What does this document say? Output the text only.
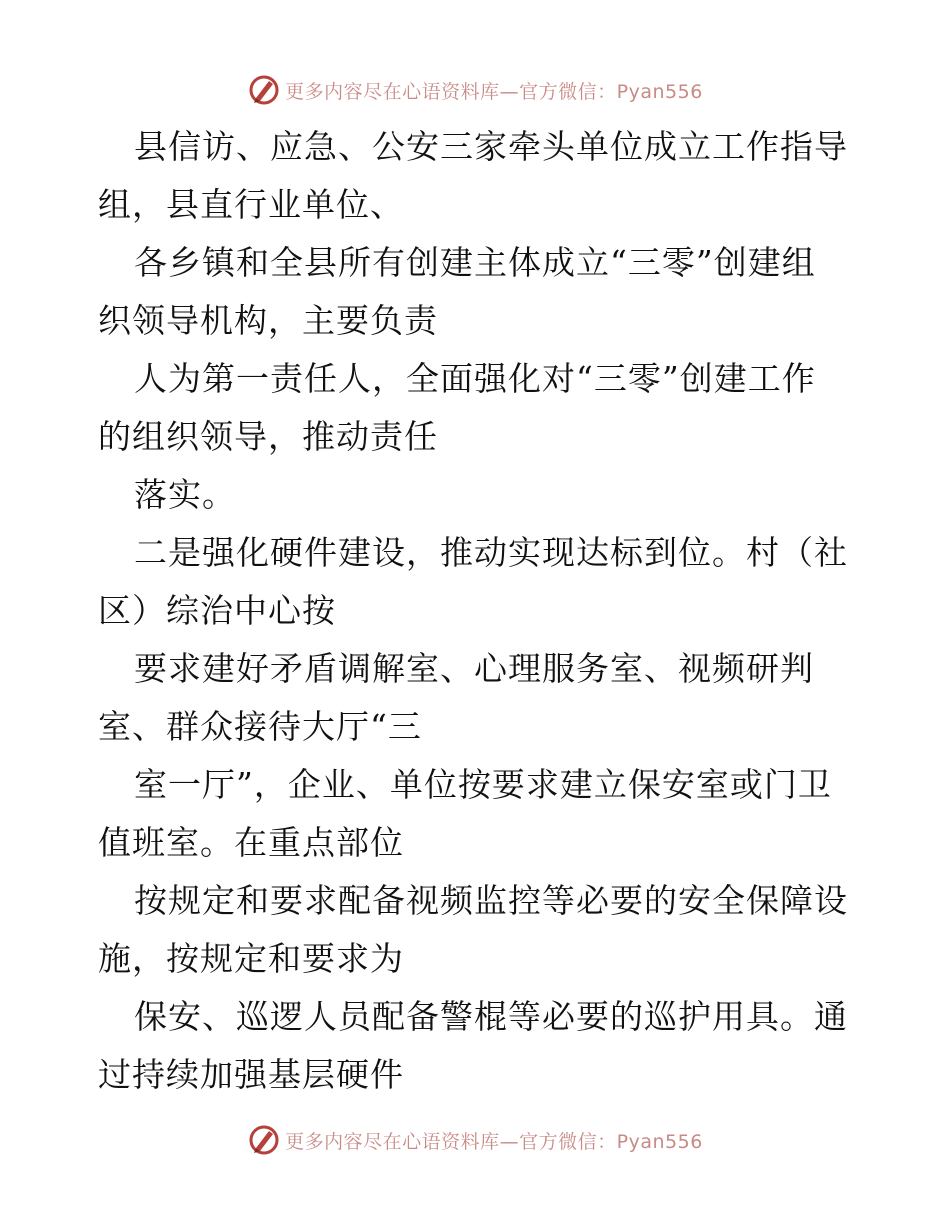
更多内容尽在心语资料库—官方微信：Pyan556

县信访、应急、公安三家牵头单位成立工作指导
组，县直行业单位、

各乡镇和全县所有创建主体成立“三零”创建组
织领导机构，主要负责

人为第一责任人，全面强化对“三零”创建工作
的组织领导，推动责任

落实。

二是强化硬件建设，推动实现达标到位。村（社
区）综治中心按

要求建好矛盾调解室、心理服务室、视频研判
室、群众接待大厅“三

室一厅”，企业、单位按要求建立保安室或门卫
值班室。在重点部位

按规定和要求配备视频监控等必要的安全保障设
施，按规定和要求为

保安、巡逻人员配备警棍等必要的巡护用具。通
过持续加强基层硬件

更多内容尽在心语资料库—官方微信：Pyan556
